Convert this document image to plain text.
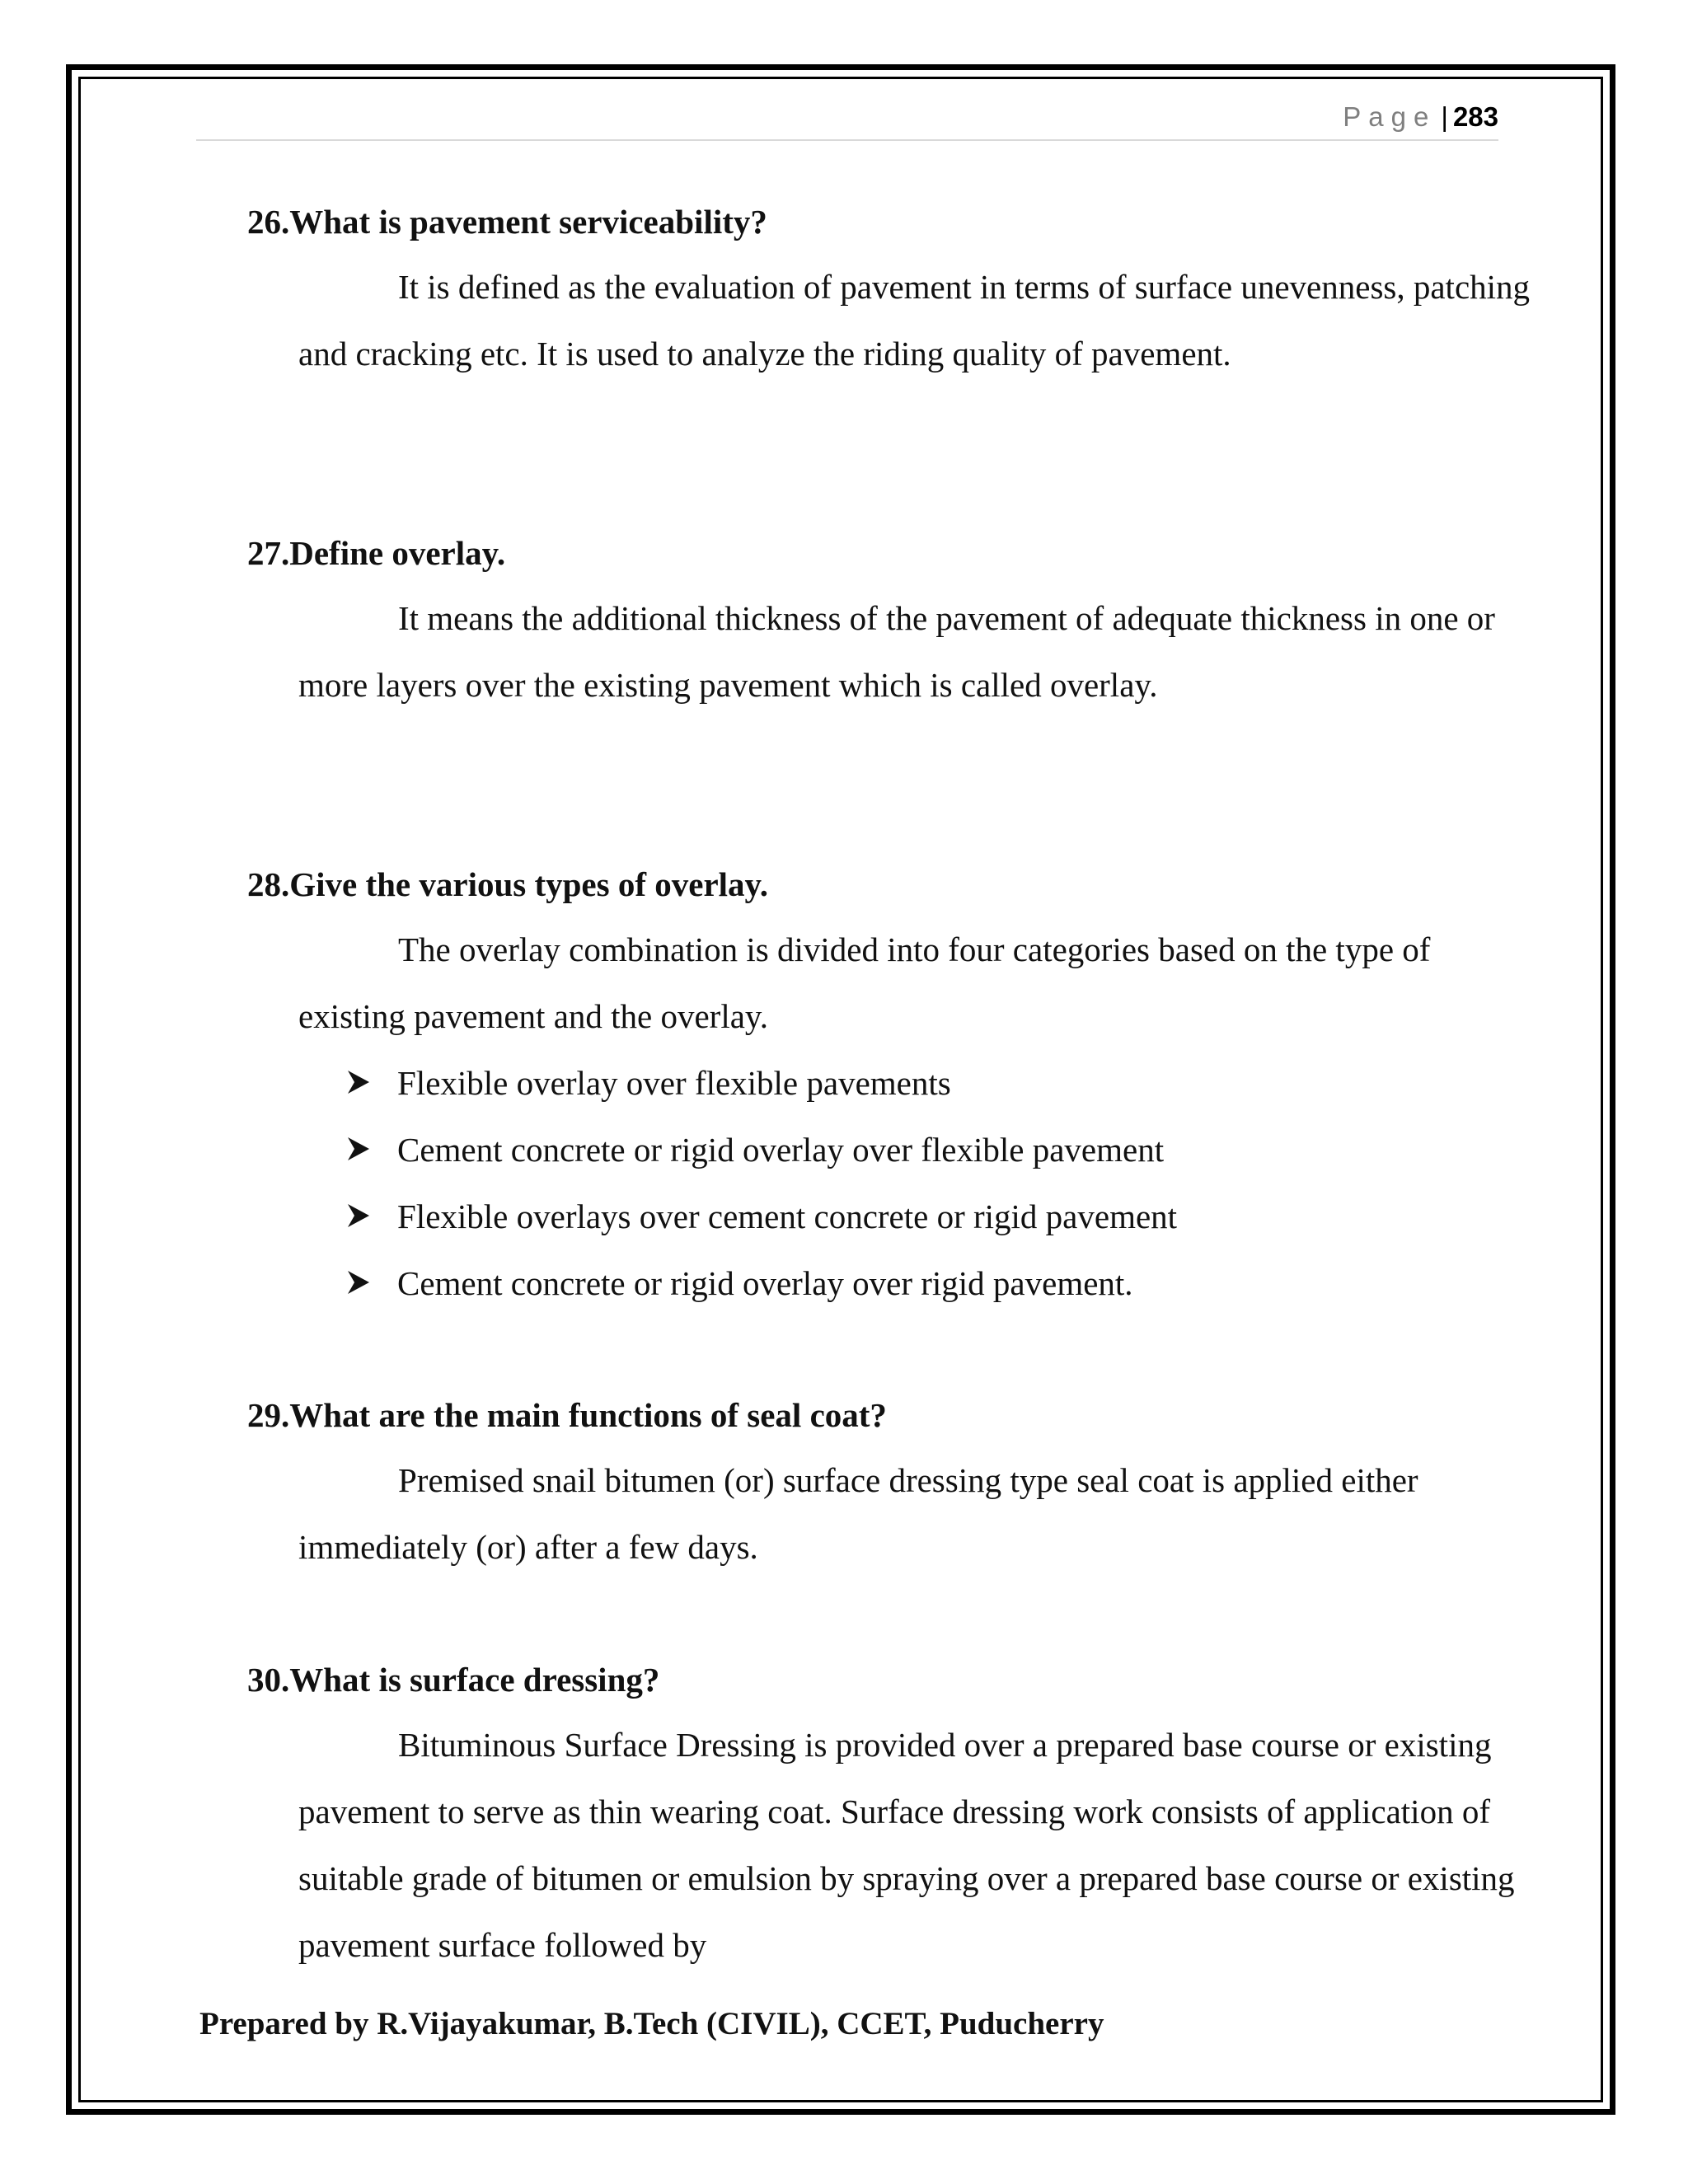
Page | 283
26.What is pavement serviceability?
It is defined as the evaluation of pavement in terms of surface unevenness, patching and cracking etc. It is used to analyze the riding quality of pavement.
27.Define overlay.
It means the additional thickness of the pavement of adequate thickness in one or more layers over the existing pavement which is called overlay.
28.Give the various types of overlay.
The overlay combination is divided into four categories based on the type of existing pavement and the overlay.
Flexible overlay over flexible pavements
Cement concrete or rigid overlay over flexible pavement
Flexible overlays over cement concrete or rigid pavement
Cement concrete or rigid overlay over rigid pavement.
29.What are the main functions of seal coat?
Premised snail bitumen (or) surface dressing type seal coat is applied either immediately (or) after a few days.
30.What is surface dressing?
Bituminous Surface Dressing is provided over a prepared base course or existing pavement to serve as thin wearing coat. Surface dressing work consists of application of suitable grade of bitumen or emulsion by spraying over a prepared base course or existing pavement surface followed by
Prepared by R.Vijayakumar, B.Tech (CIVIL), CCET, Puducherry
